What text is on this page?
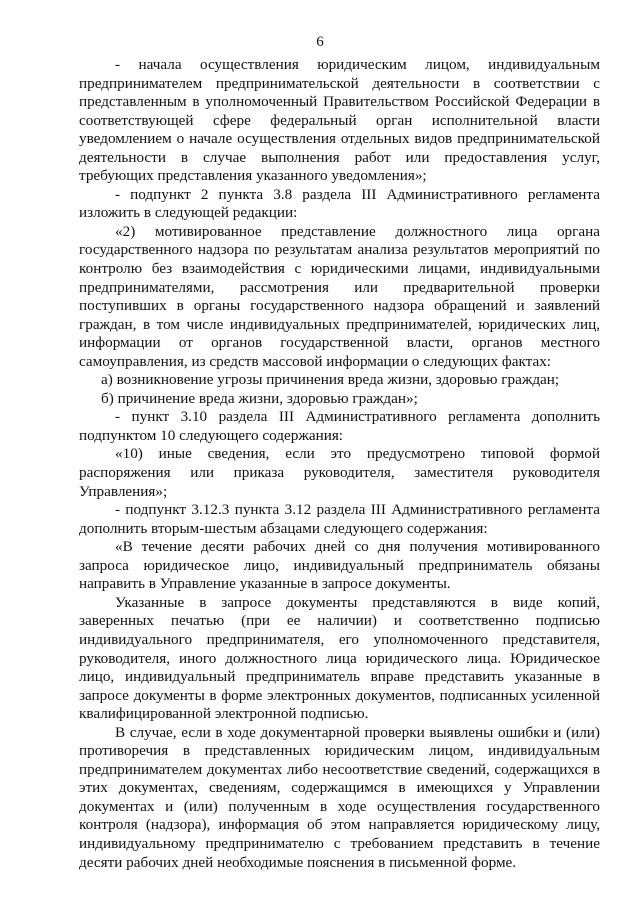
6

- начала осуществления юридическим лицом, индивидуальным предпринимателем предпринимательской деятельности в соответствии с представленным в уполномоченный Правительством Российской Федерации в соответствующей сфере федеральный орган исполнительной власти уведомлением о начале осуществления отдельных видов предпринимательской деятельности в случае выполнения работ или предоставления услуг, требующих представления указанного уведомления»;

- подпункт 2 пункта 3.8 раздела III Административного регламента изложить в следующей редакции:

«2) мотивированное представление должностного лица органа государственного надзора по результатам анализа результатов мероприятий по контролю без взаимодействия с юридическими лицами, индивидуальными предпринимателями, рассмотрения или предварительной проверки поступивших в органы государственного надзора обращений и заявлений граждан, в том числе индивидуальных предпринимателей, юридических лиц, информации от органов государственной власти, органов местного самоуправления, из средств массовой информации о следующих фактах:

а) возникновение угрозы причинения вреда жизни, здоровью граждан;

б) причинение вреда жизни, здоровью граждан»;

- пункт 3.10 раздела III Административного регламента дополнить подпунктом 10 следующего содержания:

«10) иные сведения, если это предусмотрено типовой формой распоряжения или приказа руководителя, заместителя руководителя Управления»;

- подпункт 3.12.3 пункта 3.12 раздела III Административного регламента дополнить вторым-шестым абзацами следующего содержания:

«В течение десяти рабочих дней со дня получения мотивированного запроса юридическое лицо, индивидуальный предприниматель обязаны направить в Управление указанные в запросе документы.

Указанные в запросе документы представляются в виде копий, заверенных печатью (при ее наличии) и соответственно подписью индивидуального предпринимателя, его уполномоченного представителя, руководителя, иного должностного лица юридического лица. Юридическое лицо, индивидуальный предприниматель вправе представить указанные в запросе документы в форме электронных документов, подписанных усиленной квалифицированной электронной подписью.

В случае, если в ходе документарной проверки выявлены ошибки и (или) противоречия в представленных юридическим лицом, индивидуальным предпринимателем документах либо несоответствие сведений, содержащихся в этих документах, сведениям, содержащимся в имеющихся у Управлении документах и (или) полученным в ходе осуществления государственного контроля (надзора), информация об этом направляется юридическому лицу, индивидуальному предпринимателю с требованием представить в течение десяти рабочих дней необходимые пояснения в письменной форме.
